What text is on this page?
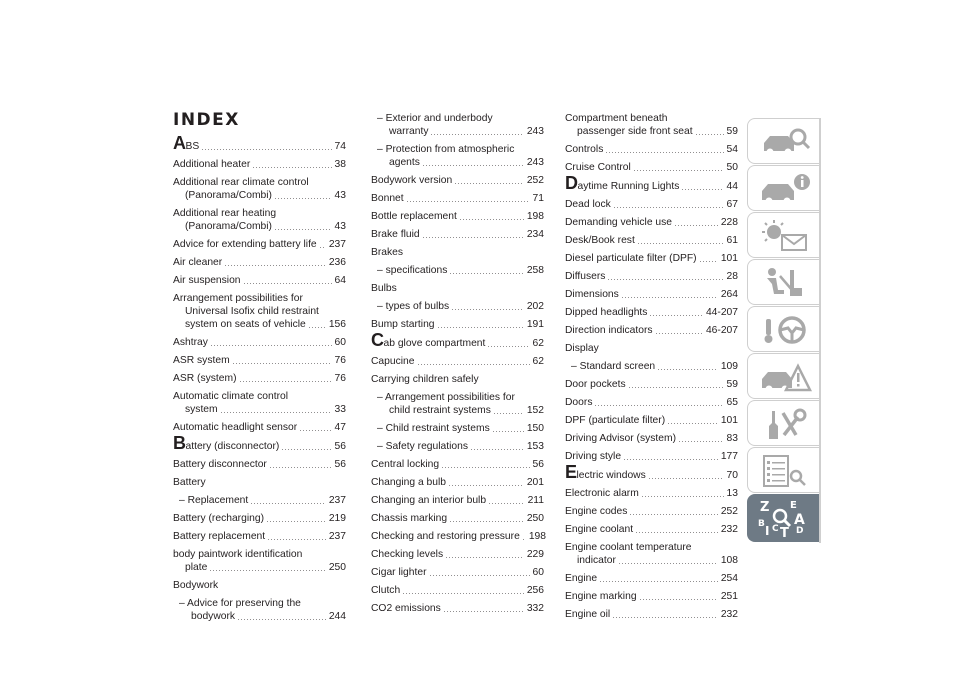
INDEX
ABS	74
Additional heater	38
Additional rear climate control
(Panorama/Combi)	43
Additional rear heating
(Panorama/Combi)	43
Advice for extending battery life 237
Air cleaner	236
Air suspension	64
Arrangement possibilities for
Universal Isofix child restraint
system on seats of vehicle 156
Ashtray	60
ASR system	76
ASR (system)	76
Automatic climate control
system	33
Automatic headlight sensor	47
Battery (disconnector)	56
Battery disconnector	56
Battery
– Replacement	237
Battery (recharging)	219
Battery replacement	237
body paintwork identification
plate	250
Bodywork
– Advice for preserving the
bodywork	244
– Exterior and underbody
warranty	243
– Protection from atmospheric
agents	243
Bodywork version	252
Bonnet	71
Bottle replacement	198
Brake fluid	234
Brakes
– specifications	258
Bulbs
– types of bulbs	202
Bump starting	191
Cab glove compartment	62
Capucine	62
Carrying children safely
– Arrangement possibilities for
child restraint systems	152
– Child restraint systems	150
– Safety regulations	153
Central locking	56
Changing a bulb	201
Changing an interior bulb	211
Chassis marking	250
Checking and restoring pressure 198
Checking levels	229
Cigar lighter	60
Clutch	256
CO2 emissions	332
Compartment beneath
passenger side front seat	59
Controls	54
Cruise Control	50
Daytime Running Lights	44
Dead lock	67
Demanding vehicle use	228
Desk/Book rest	61
Diesel particulate filter (DPF) 101
Diffusers	28
Dimensions	264
Dipped headlights	44-207
Direction indicators	46-207
Display
– Standard screen	109
Door pockets	59
Doors	65
DPF (particulate filter)	101
Driving Advisor (system)	83
Driving style	177
Electric windows	70
Electronic alarm	13
Engine codes	252
Engine coolant	232
Engine coolant temperature
indicator	108
Engine	254
Engine marking	251
Engine oil	232
Z E
A
B I C T D
